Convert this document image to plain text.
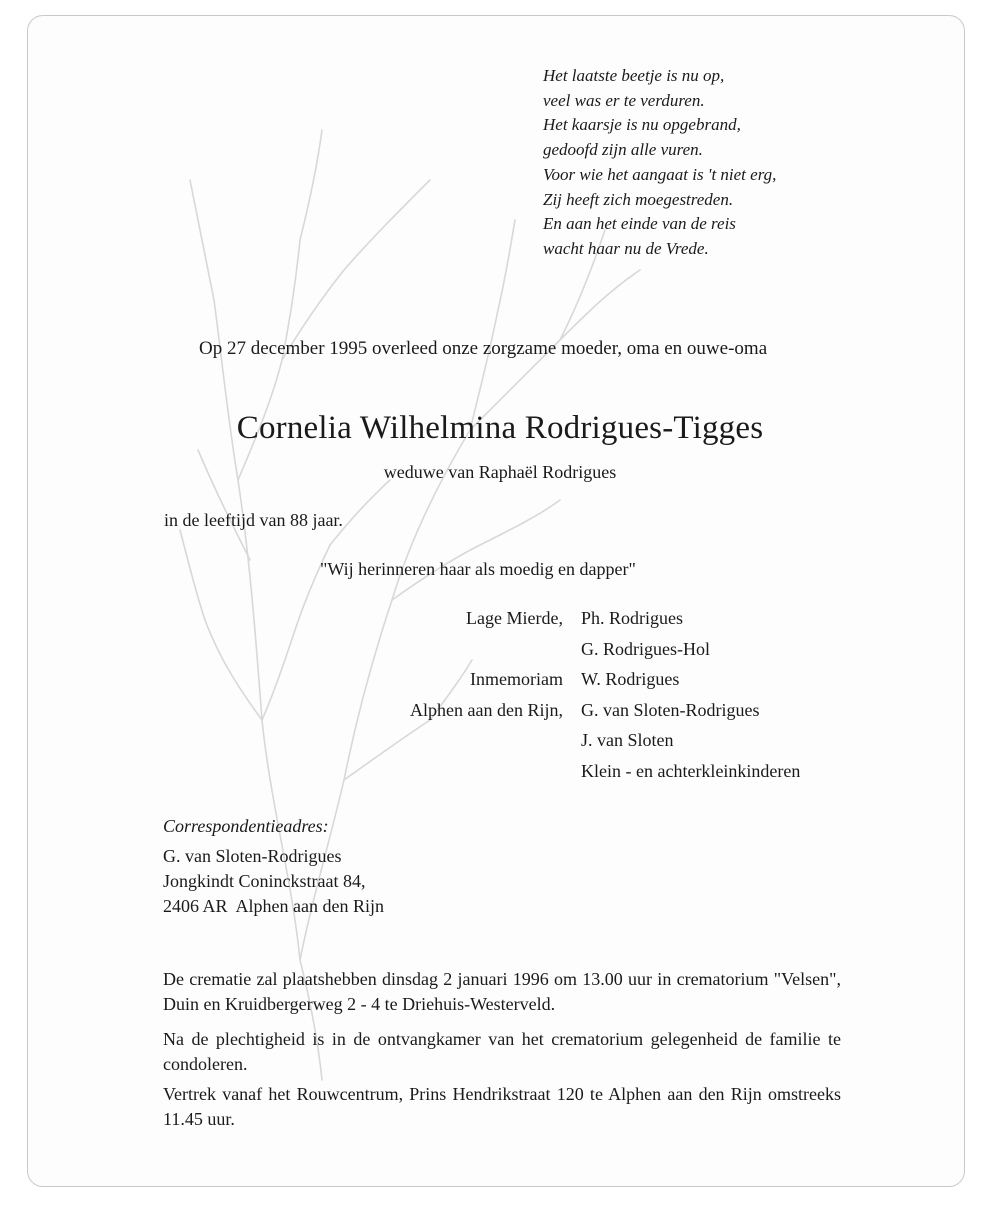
Het laatste beetje is nu op,
veel was er te verduren.
Het kaarsje is nu opgebrand,
gedoofd zijn alle vuren.
Voor wie het aangaat is 't niet erg,
Zij heeft zich moegestreden.
En aan het einde van de reis
wacht haar nu de Vrede.
Op 27 december 1995 overleed onze zorgzame moeder, oma en ouwe-oma
Cornelia Wilhelmina Rodrigues-Tigges
weduwe van Raphaël Rodrigues
in de leeftijd van 88 jaar.
"Wij herinneren haar als moedig en dapper"
Lage Mierde, Ph. Rodrigues
G. Rodrigues-Hol
Inmemoriam W. Rodrigues
Alphen aan den Rijn, G. van Sloten-Rodrigues
J. van Sloten
Klein - en achterkleinkinderen
Correspondentieadres:
G. van Sloten-Rodrigues
Jongkindt Coninckstraat 84,
2406 AR  Alphen aan den Rijn
De crematie zal plaatshebben dinsdag 2 januari 1996 om 13.00 uur in crematorium "Velsen", Duin en Kruidbergerweg 2 - 4 te Driehuis-Westerveld.
Na de plechtigheid is in de ontvangkamer van het crematorium gelegenheid de familie te condoleren.
Vertrek vanaf het Rouwcentrum, Prins Hendrikstraat 120 te Alphen aan den Rijn omstreeks 11.45 uur.
